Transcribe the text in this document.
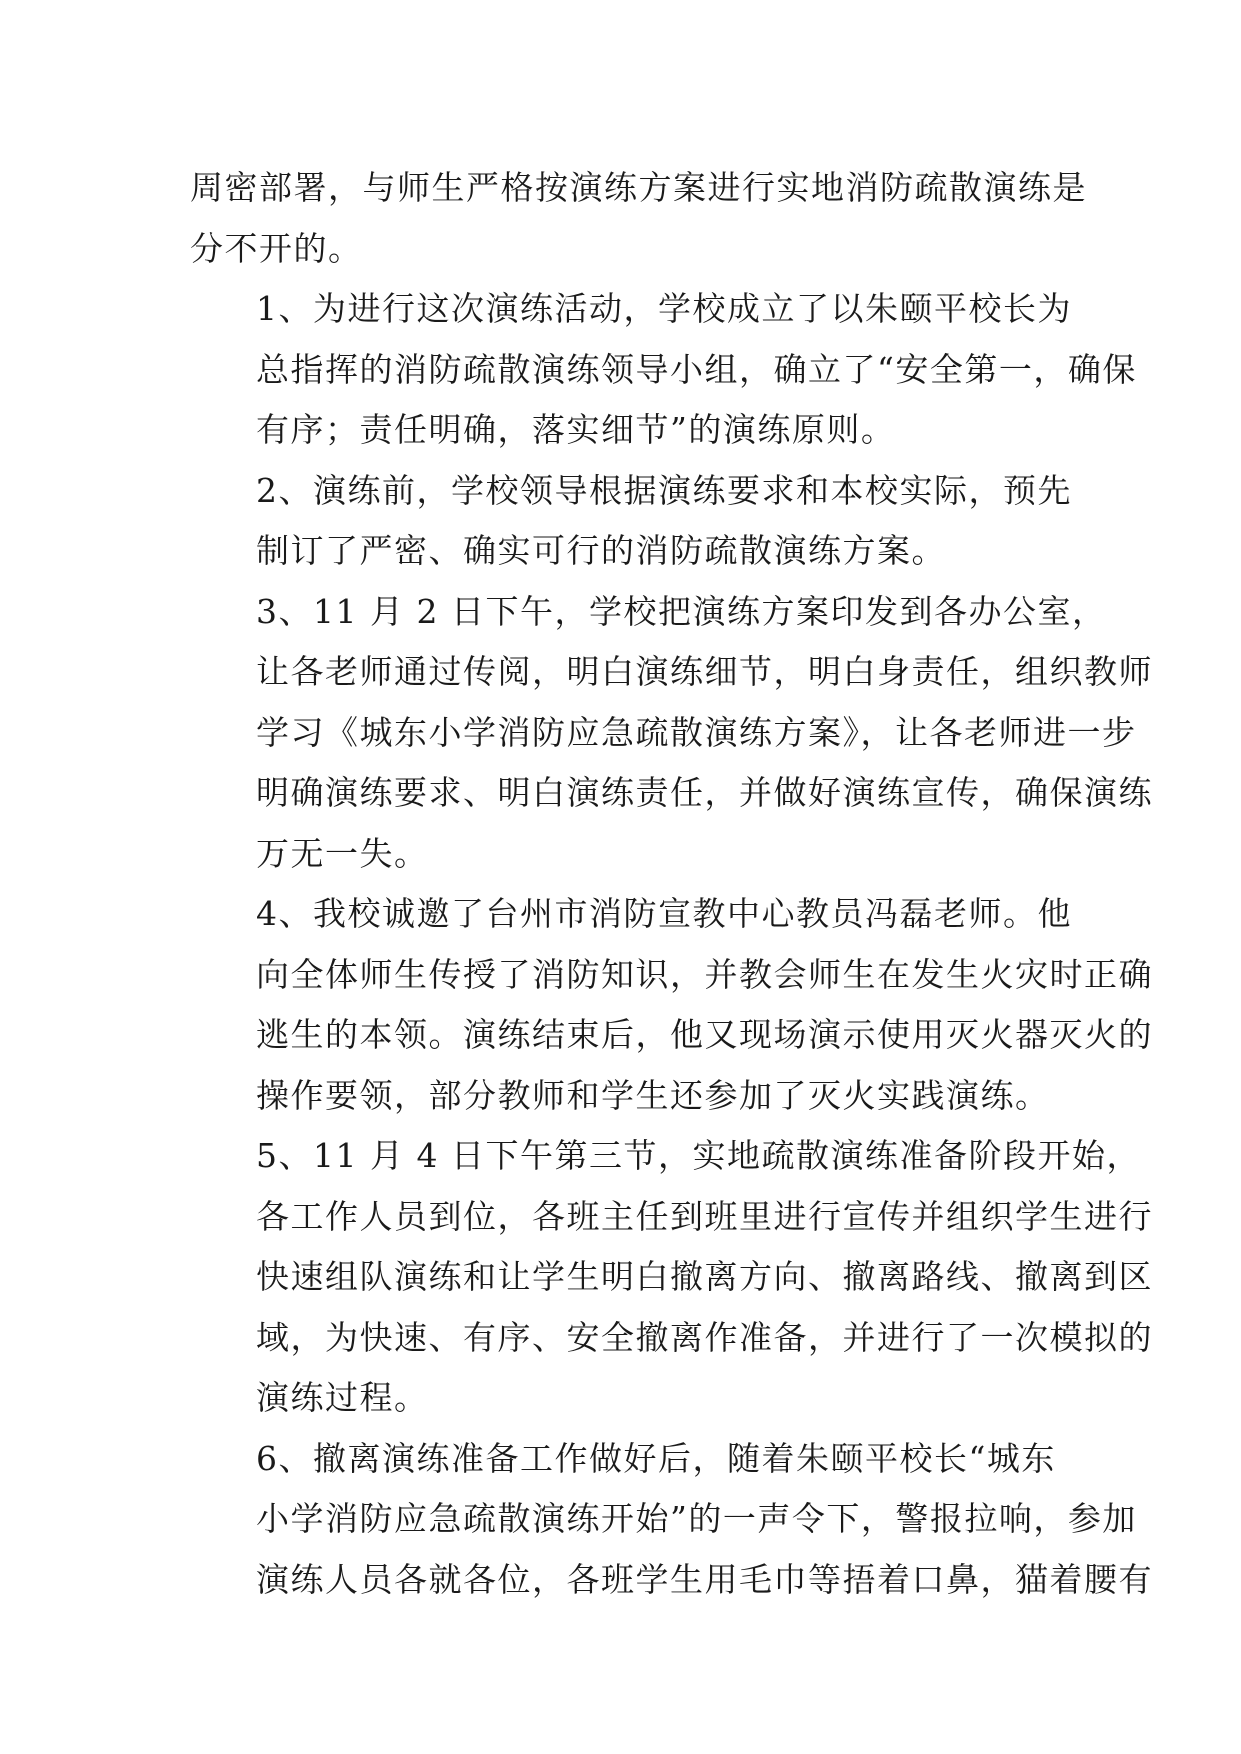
周密部署，与师生严格按演练方案进行实地消防疏散演练是
分不开的。

1、为进行这次演练活动，学校成立了以朱颐平校长为
总指挥的消防疏散演练领导小组，确立了“安全第一，确保
有序；责任明确，落实细节”的演练原则。

2、演练前，学校领导根据演练要求和本校实际，预先
制订了严密、确实可行的消防疏散演练方案。

3、11 月 2 日下午，学校把演练方案印发到各办公室，
让各老师通过传阅，明白演练细节，明白身责任，组织教师
学习《城东小学消防应急疏散演练方案》，让各老师进一步
明确演练要求、明白演练责任，并做好演练宣传，确保演练
万无一失。

4、我校诚邀了台州市消防宣教中心教员冯磊老师。他
向全体师生传授了消防知识，并教会师生在发生火灾时正确
逃生的本领。演练结束后，他又现场演示使用灭火器灭火的
操作要领，部分教师和学生还参加了灭火实践演练。

5、11 月 4 日下午第三节，实地疏散演练准备阶段开始，
各工作人员到位，各班主任到班里进行宣传并组织学生进行
快速组队演练和让学生明白撤离方向、撤离路线、撤离到区
域，为快速、有序、安全撤离作准备，并进行了一次模拟的
演练过程。

6、撤离演练准备工作做好后，随着朱颐平校长“城东
小学消防应急疏散演练开始”的一声令下，警报拉响，参加
演练人员各就各位，各班学生用毛巾等捂着口鼻，猫着腰有
